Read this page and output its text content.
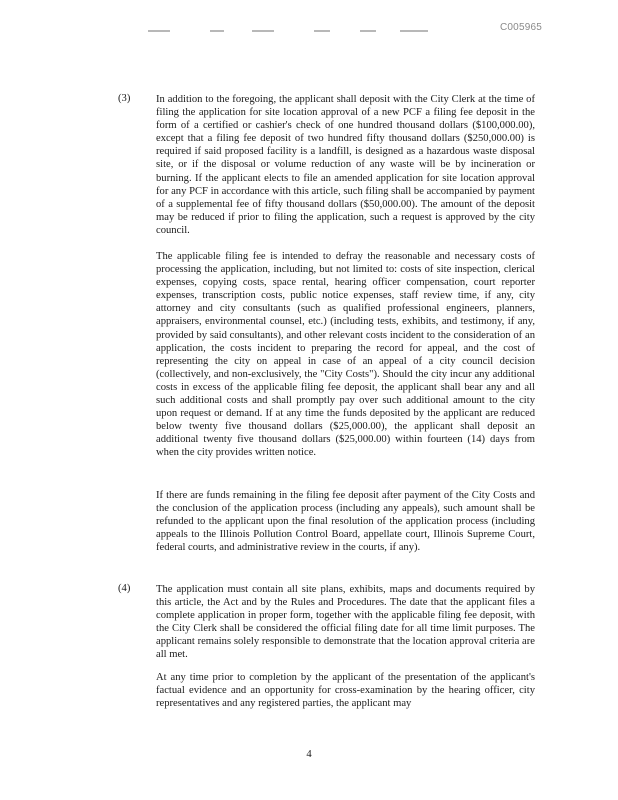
C005965
(3) In addition to the foregoing, the applicant shall deposit with the City Clerk at the time of filing the application for site location approval of a new PCF a filing fee deposit in the form of a certified or cashier's check of one hundred thousand dollars ($100,000.00), except that a filing fee deposit of two hundred fifty thousand dollars ($250,000.00) is required if said proposed facility is a landfill, is designed as a hazardous waste disposal site, or if the disposal or volume reduction of any waste will be by incineration or burning. If the applicant elects to file an amended application for site location approval for any PCF in accordance with this article, such filing shall be accompanied by payment of a supplemental fee of fifty thousand dollars ($50,000.00). The amount of the deposit may be reduced if prior to filing the application, such a request is approved by the city council.
The applicable filing fee is intended to defray the reasonable and necessary costs of processing the application, including, but not limited to: costs of site inspection, clerical expenses, copying costs, space rental, hearing officer compensation, court reporter expenses, transcription costs, public notice expenses, staff review time, if any, city attorney and city consultants (such as qualified professional engineers, planners, appraisers, environmental counsel, etc.) (including tests, exhibits, and testimony, if any, provided by said consultants), and other relevant costs incident to the consideration of an application, the costs incident to preparing the record for appeal, and the cost of representing the city on appeal in case of an appeal of a city council decision (collectively, and non-exclusively, the "City Costs"). Should the city incur any additional costs in excess of the applicable filing fee deposit, the applicant shall bear any and all such additional costs and shall promptly pay over such additional amount to the city upon request or demand. If at any time the funds deposited by the applicant are reduced below twenty five thousand dollars ($25,000.00), the applicant shall deposit an additional twenty five thousand dollars ($25,000.00) within fourteen (14) days from when the city provides written notice.
If there are funds remaining in the filing fee deposit after payment of the City Costs and the conclusion of the application process (including any appeals), such amount shall be refunded to the applicant upon the final resolution of the application process (including appeals to the Illinois Pollution Control Board, appellate court, Illinois Supreme Court, federal courts, and administrative review in the courts, if any).
(4) The application must contain all site plans, exhibits, maps and documents required by this article, the Act and by the Rules and Procedures. The date that the applicant files a complete application in proper form, together with the applicable filing fee deposit, with the City Clerk shall be considered the official filing date for all time limit purposes. The applicant remains solely responsible to demonstrate that the location approval criteria are all met.
At any time prior to completion by the applicant of the presentation of the applicant's factual evidence and an opportunity for cross-examination by the hearing officer, city representatives and any registered parties, the applicant may
4
